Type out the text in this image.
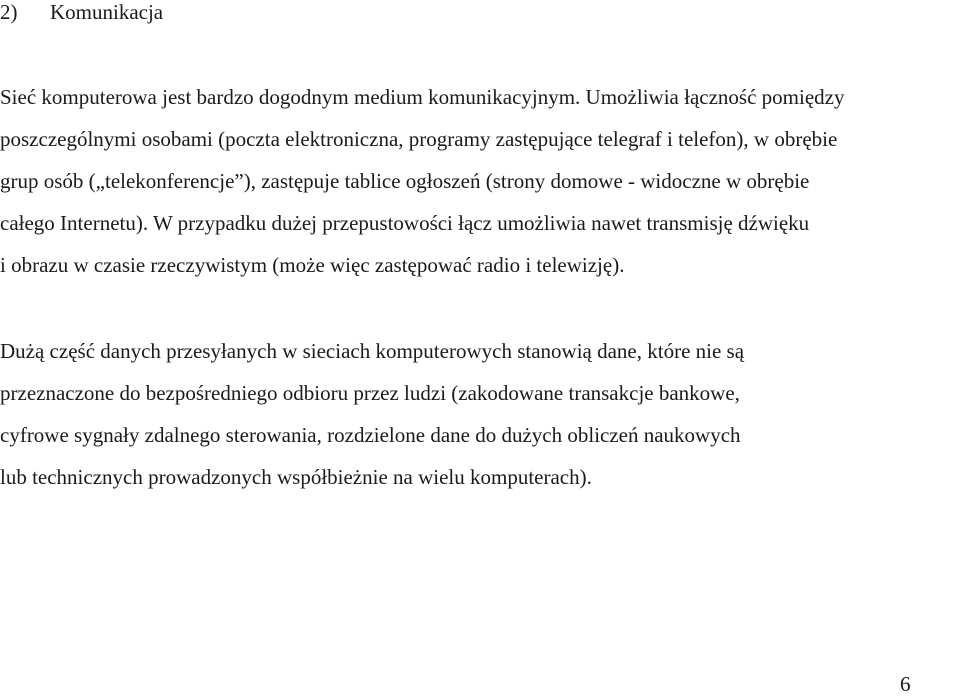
2) Komunikacja
Sieć komputerowa jest bardzo dogodnym medium komunikacyjnym. Umożliwia łączność pomiędzy
poszczególnymi osobami (poczta elektroniczna, programy zastępujące telegraf i telefon), w obrębie
grup osób („telekonferencje”), zastępuje tablice ogłoszeń (strony domowe - widoczne w obrębie
całego Internetu). W przypadku dużej przepustowości łącz umożliwia nawet transmisję dźwięku
i obrazu w czasie rzeczywistym (może więc zastępować radio i telewizję).
Dużą część danych przesyłanych w sieciach komputerowych stanowią dane, które nie są
przeznaczone do bezpośredniego odbioru przez ludzi (zakodowane transakcje bankowe,
cyfrowe sygnały zdalnego sterowania, rozdzielone dane do dużych obliczeń naukowych
lub technicznych prowadzonych współbieżnie na wielu komputerach).
6
